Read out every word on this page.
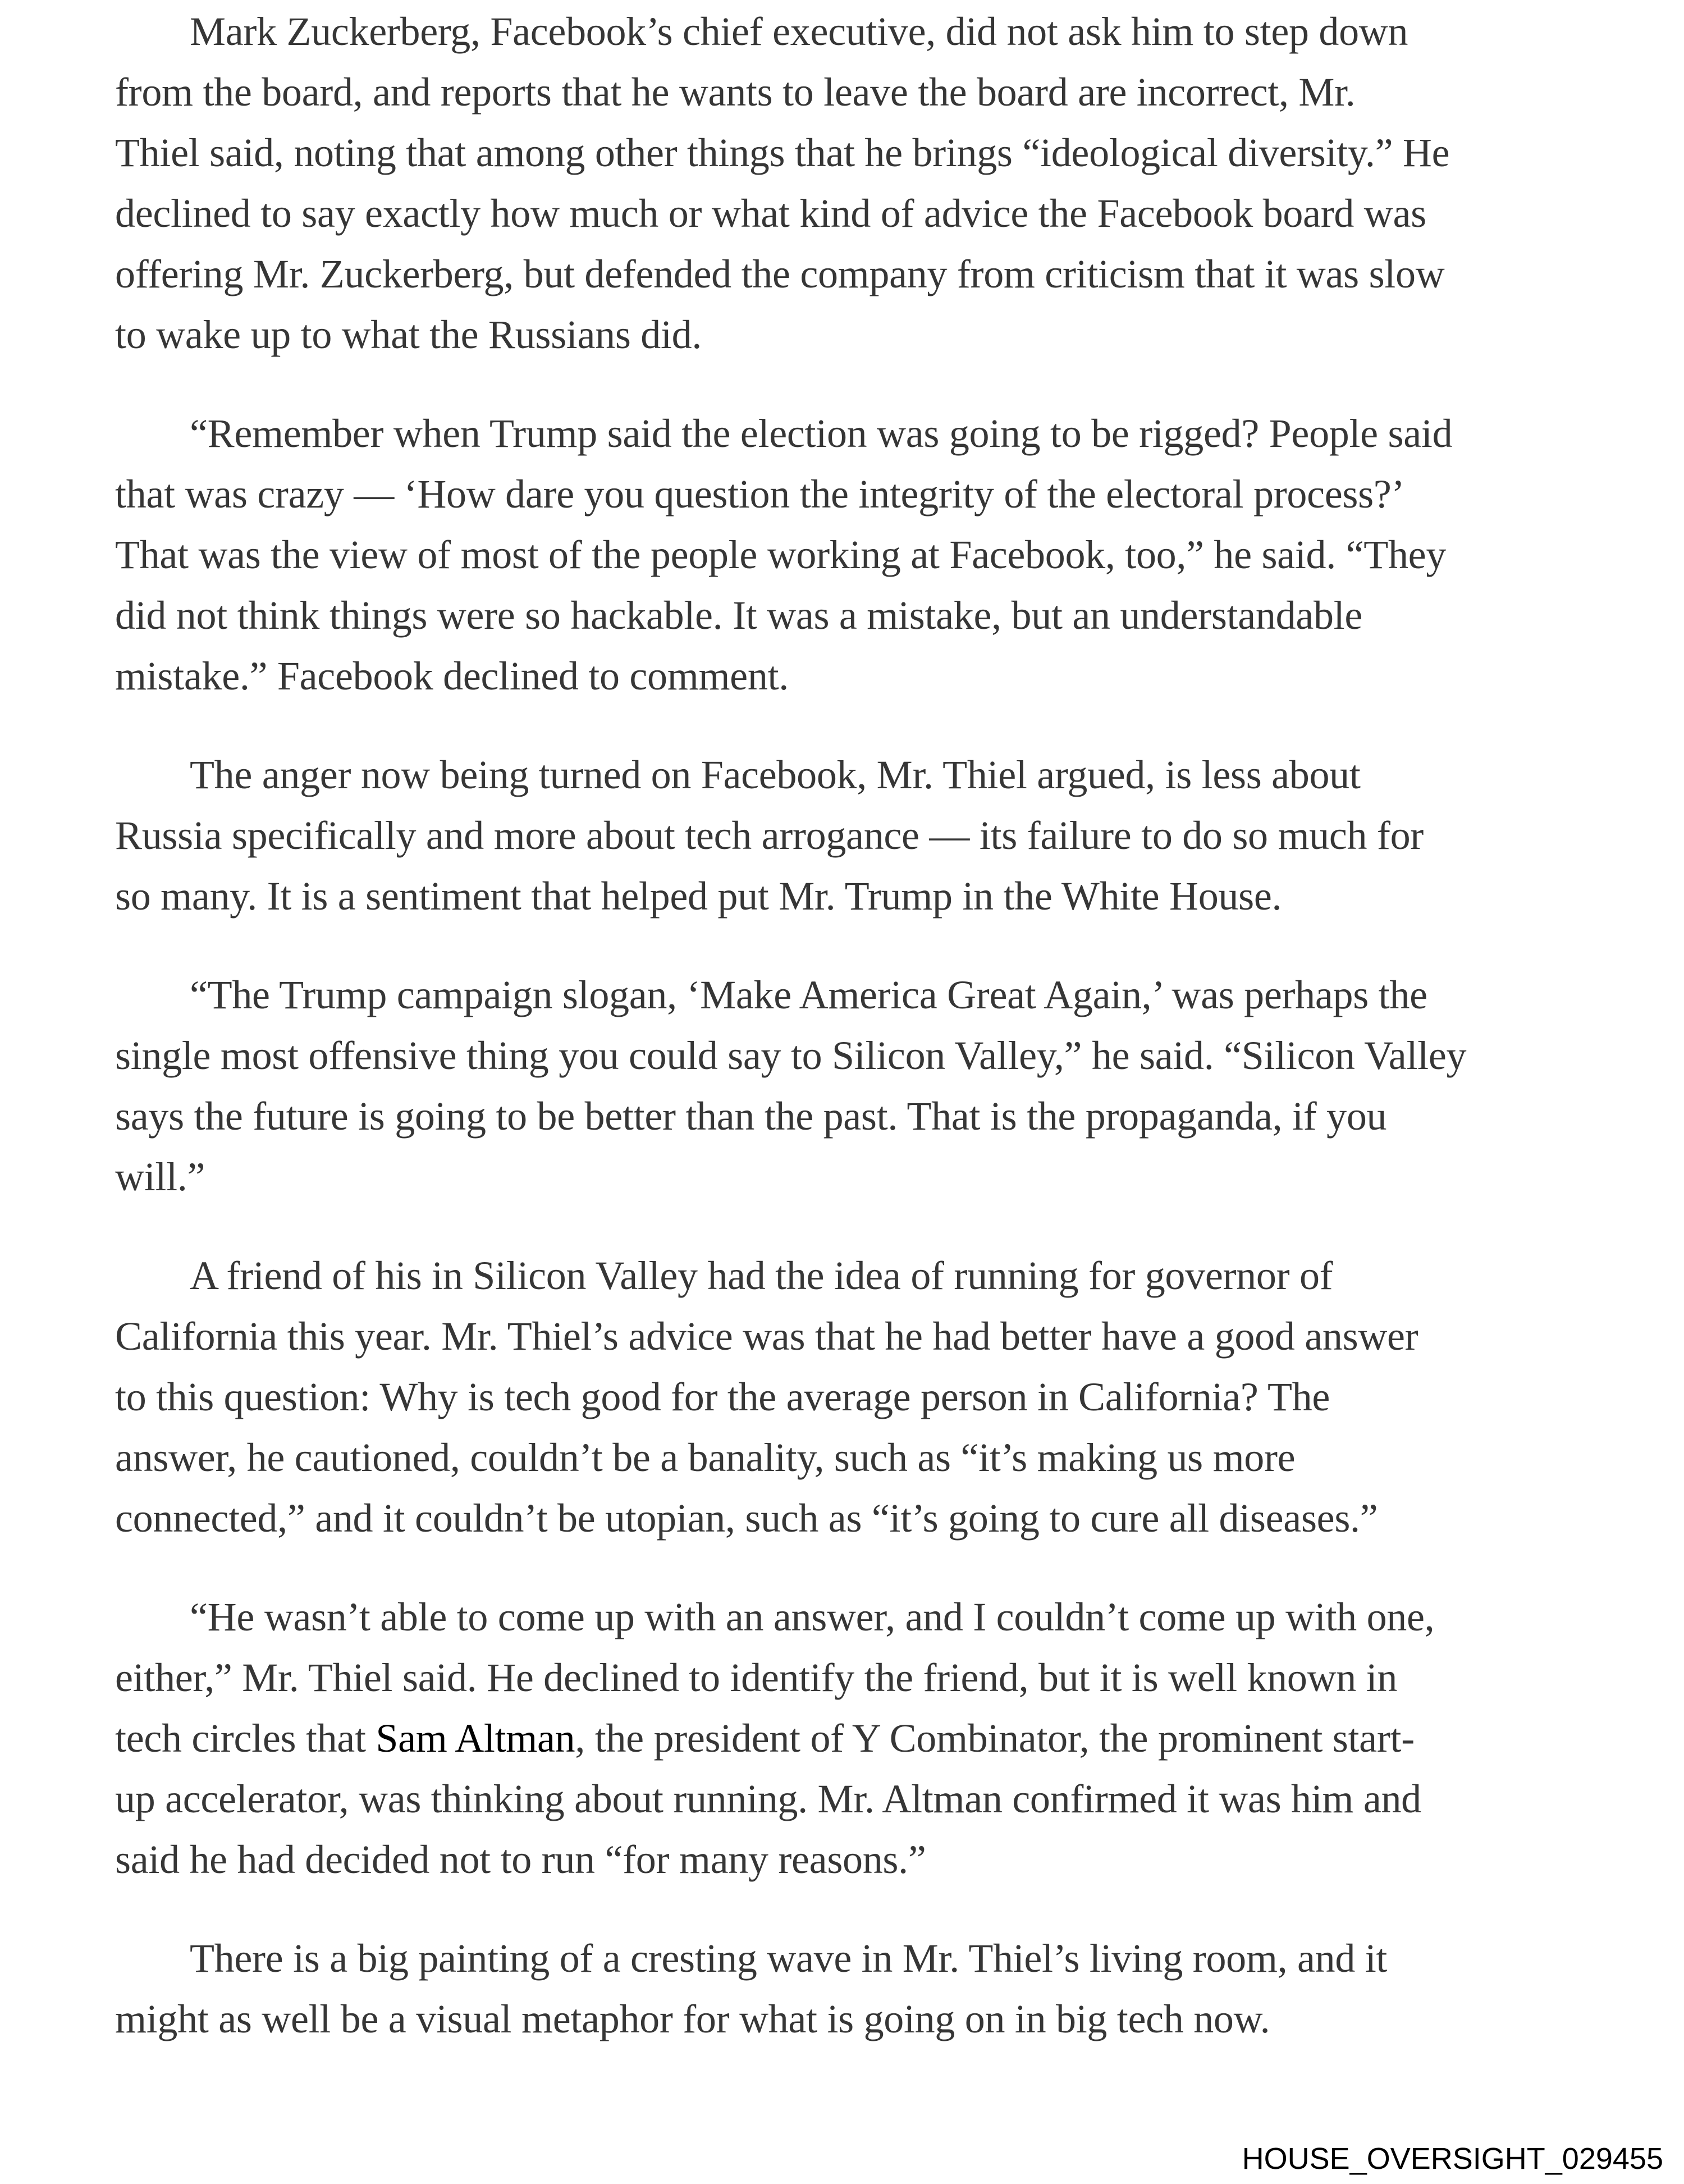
Mark Zuckerberg, Facebook’s chief executive, did not ask him to step down
from the board, and reports that he wants to leave the board are incorrect, Mr.
Thiel said, noting that among other things that he brings “ideological diversity.” He
declined to say exactly how much or what kind of advice the Facebook board was
offering Mr. Zuckerberg, but defended the company from criticism that it was slow
to wake up to what the Russians did.
“Remember when Trump said the election was going to be rigged? People said
that was crazy — ‘How dare you question the integrity of the electoral process?’
That was the view of most of the people working at Facebook, too,” he said. “They
did not think things were so hackable. It was a mistake, but an understandable
mistake.” Facebook declined to comment.
The anger now being turned on Facebook, Mr. Thiel argued, is less about
Russia specifically and more about tech arrogance — its failure to do so much for
so many. It is a sentiment that helped put Mr. Trump in the White House.
“The Trump campaign slogan, ‘Make America Great Again,’ was perhaps the
single most offensive thing you could say to Silicon Valley,” he said. “Silicon Valley
says the future is going to be better than the past. That is the propaganda, if you
will.”
A friend of his in Silicon Valley had the idea of running for governor of
California this year. Mr. Thiel’s advice was that he had better have a good answer
to this question: Why is tech good for the average person in California? The
answer, he cautioned, couldn’t be a banality, such as “it’s making us more
connected,” and it couldn’t be utopian, such as “it’s going to cure all diseases.”
“He wasn’t able to come up with an answer, and I couldn’t come up with one,
either,” Mr. Thiel said. He declined to identify the friend, but it is well known in
tech circles that Sam Altman, the president of Y Combinator, the prominent start-
up accelerator, was thinking about running. Mr. Altman confirmed it was him and
said he had decided not to run “for many reasons.”
There is a big painting of a cresting wave in Mr. Thiel’s living room, and it
might as well be a visual metaphor for what is going on in big tech now.
HOUSE_OVERSIGHT_029455
